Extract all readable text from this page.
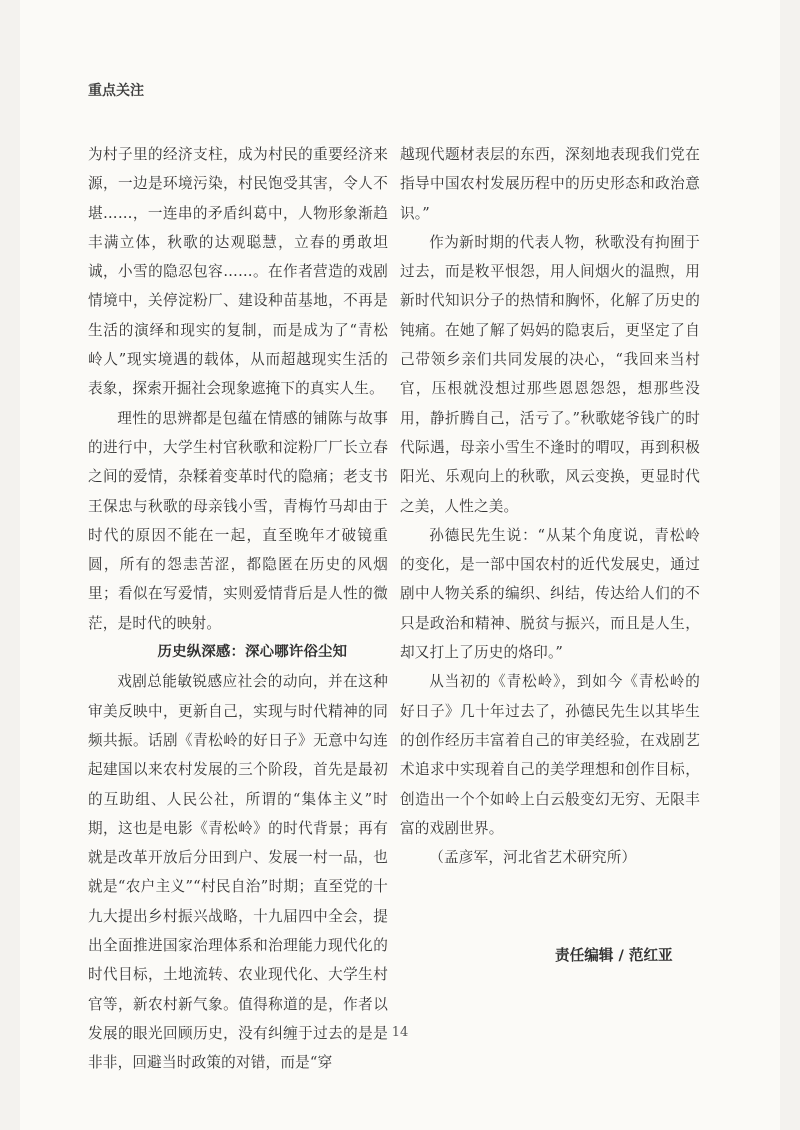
重点关注

为村子里的经济支柱，成为村民的重要经济来源，一边是环境污染，村民饱受其害，令人不堪……，一连串的矛盾纠葛中，人物形象渐趋丰满立体，秋歌的达观聪慧，立春的勇敢坦诚，小雪的隐忍包容……。在作者营造的戏剧情境中，关停淀粉厂、建设种苗基地，不再是生活的演绎和现实的复制，而是成为了“青松岭人”现实境遇的载体，从而超越现实生活的表象，探索开掘社会现象遮掩下的真实人生。

理性的思辨都是包蕴在情感的铺陈与故事的进行中，大学生村官秋歌和淀粉厂厂长立春之间的爱情，杂糅着变革时代的隐痛；老支书王保忠与秋歌的母亲钱小雪，青梅竹马却由于时代的原因不能在一起，直至晚年才破镜重圆，所有的怨恚苦涩，都隐匿在历史的风烟里；看似在写爱情，实则爱情背后是人性的微茫，是时代的映射。

历史纵深感：深心哪许俗尘知

戏剧总能敏锐感应社会的动向，并在这种审美反映中，更新自己，实现与时代精神的同频共振。话剧《青松岭的好日子》无意中勾连起建国以来农村发展的三个阶段，首先是最初的互助组、人民公社，所谓的“集体主义”时期，这也是电影《青松岭》的时代背景；再有就是改革开放后分田到户、发展一村一品，也就是“农户主义”“村民自治”时期；直至党的十九大提出乡村振兴战略，十九届四中全会，提出全面推进国家治理体系和治理能力现代化的时代目标，土地流转、农业现代化、大学生村官等，新农村新气象。值得称道的是，作者以发展的眼光回顾历史，没有纠缠于过去的是是非非，回避当时政策的对错，而是“穿

越现代题材表层的东西，深刻地表现我们党在指导中国农村发展历程中的历史形态和政治意识。”

作为新时期的代表人物，秋歌没有拘囿于过去，而是敉平恨怨，用人间烟火的温煦，用新时代知识分子的热情和胸怀，化解了历史的钝痛。在她了解了妈妈的隐衷后，更坚定了自己带领乡亲们共同发展的决心，“我回来当村官，压根就没想过那些恩恩怨怨，想那些没用，静折腾自己，活亏了。”秋歌姥爷钱广的时代际遇，母亲小雪生不逢时的喟叹，再到积极阳光、乐观向上的秋歌，风云变换，更显时代之美，人性之美。

孙德民先生说：“从某个角度说，青松岭的变化，是一部中国农村的近代发展史，通过剧中人物关系的编织、纠结，传达给人们的不只是政治和精神、脱贫与振兴，而且是人生，却又打上了历史的烙印。”

从当初的《青松岭》，到如今《青松岭的好日子》几十年过去了，孙德民先生以其毕生的创作经历丰富着自己的审美经验，在戏剧艺术追求中实现着自己的美学理想和创作目标，创造出一个个如岭上白云般变幻无穷、无限丰富的戏剧世界。

（孟彦军，河北省艺术研究所）

责任编辑 / 范红亚
14
